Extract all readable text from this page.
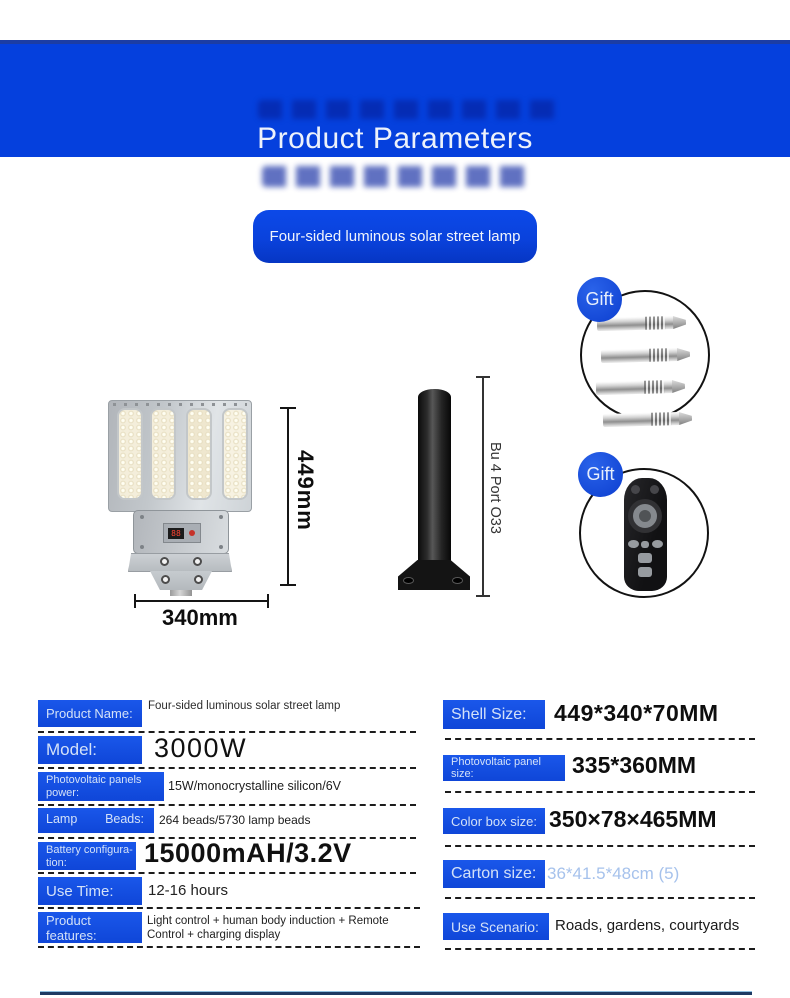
Product Parameters
Four-sided luminous solar street lamp
88
449mm
340mm
Bu 4 Port O33
Gift
Gift
Product Name:	Four-sided luminous solar street lamp
Model:	3000W
Photovoltaic panels power:
15W/monocrystalline silicon/6V
Lamp Beads:	264 beads/5730 lamp beads
Battery configura-tion:	15000mAH/3.2V
Use Time:	12-16 hours
Product features:
Light control + human body induction + Remote Control + charging display
Shell Size:	449*340*70MM
Photovoltaic panel size:	335*360MM
Color box size: 350×78×465MM
Carton size: 36*41.5*48cm (5)
Use Scenario:	Roads, gardens, courtyards
